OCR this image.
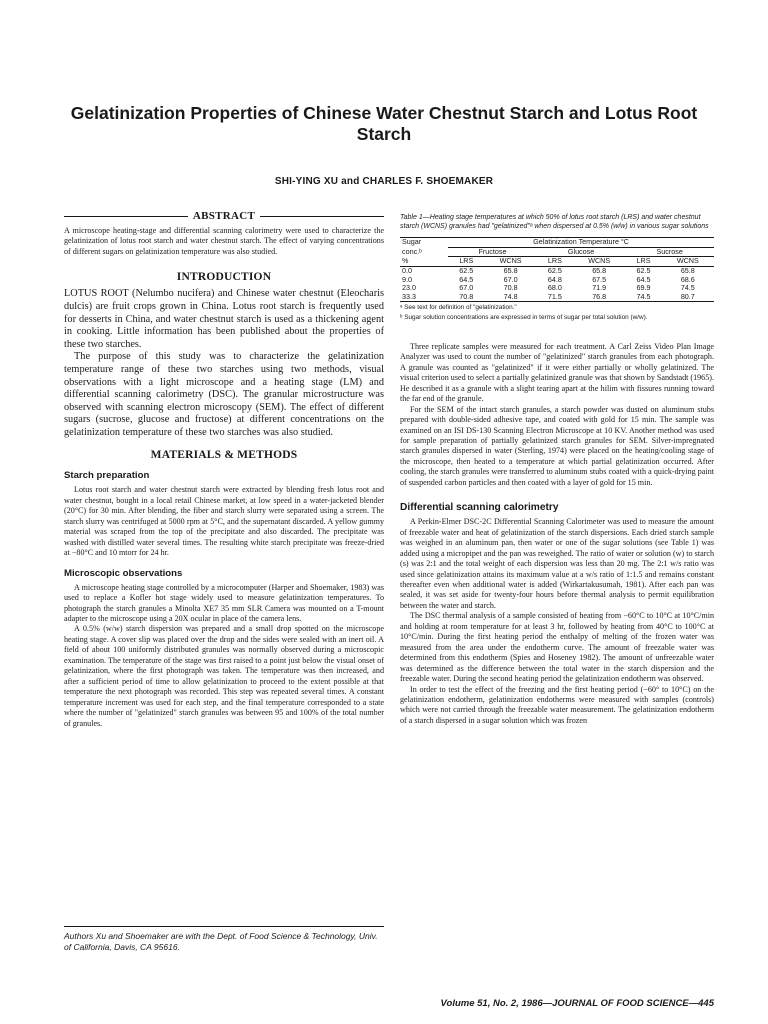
Gelatinization Properties of Chinese Water Chestnut Starch and Lotus Root Starch
SHI-YING XU and CHARLES F. SHOEMAKER
ABSTRACT

A microscope heating-stage and differential scanning calorimetry were used to characterize the gelatinization of lotus root starch and water chestnut starch. The effect of varying concentrations of different sugars on gelatinization temperature was also studied.

INTRODUCTION

LOTUS ROOT (Nelumbo nucifera) and Chinese water chestnut (Eleocharis dulcis) are fruit crops grown in China. Lotus root starch is frequently used for desserts in China, and water chestnut starch is used as a thickening agent in cooking. Little information has been published about the properties of these two starches.

The purpose of this study was to characterize the gelatinization temperature range of these two starches using two methods, visual observations with a light microscope and a heating stage (LM) and differential scanning calorimetry (DSC). The granular microstructure was observed with scanning electron microscopy (SEM). The effect of different sugars (sucrose, glucose and fructose) at different concentrations on the gelatinization temperature of these two starches was also studied.

MATERIALS & METHODS
Starch preparation

Lotus root starch and water chestnut starch were extracted by blending fresh lotus root and water chestnut, bought in a local retail Chinese market, at low speed in a water-jacketed blender (20°C) for 30 min. After blending, the fiber and starch slurry were separated using a screen. The starch slurry was centrifuged at 5000 rpm at 5°C, and the supernatant discarded. A yellow gummy material was scraped from the top of the precipitate and also discarded. The precipitate was washed with distilled water several times. The resulting white starch precipitate was freeze-dried at −80°C and 10 mtorr for 24 hr.

Microscopic observations

A microscope heating stage controlled by a microcomputer (Harper and Shoemaker, 1983) was used to replace a Kofler hot stage widely used to measure gelatinization temperatures. To photograph the starch granules a Minolta XE7 35 mm SLR Camera was mounted on a T-mount adapter to the microscope using a 20X ocular in place of the camera lens.

A 0.5% (w/w) starch dispersion was prepared and a small drop spotted on the microscope heating stage. A cover slip was placed over the drop and the sides were sealed with an inert oil. A field of about 100 uniformly distributed granules was normally observed during a microscopic examination. The temperature of the stage was first raised to a point just below the visual onset of gelatinization, where the first photograph was taken. The temperature was then increased, and after a sufficient period of time to allow gelatinization to proceed to the extent possible at that temperature the next photograph was recorded. This step was repeated several times. A constant temperature increment was used for each step, and the final temperature corresponded to a state where the number of "gelatinized" starch granules was between 95 and 100% of the total number of granules.

Authors Xu and Shoemaker are with the Dept. of Food Science & Technology, Univ. of California, Davis, CA 95616.
Table 1—Heating stage temperatures at which 50% of lotus root starch (LRS) and water chestnut starch (WCNS) granules had "gelatinized"ᵃ when dispersed at 0.5% (w/w) in various sugar solutions
Sugar	Gelatinization Temperature °C					
conc.ᵇ	Fructose		Glucose		Sucrose	
%	LRS	WCNS	LRS	WCNS	LRS	WCNS
0.0	62.5	65.8	62.5	65.8	62.5	65.8
9.0	64.5	67.0	64.8	67.5	64.5	68.6
23.0	67.0	70.8	68.0	71.9	69.9	74.5
33.3	70.8	74.8	71.5	76.8	74.5	80.7
ᵃ See text for definition of "gelatinization."
ᵇ Sugar solution concentrations are expressed in terms of sugar per total solution (w/w).

Three replicate samples were measured for each treatment. A Carl Zeiss Video Plan Image Analyzer was used to count the number of "gelatinized" starch granules from each photograph. A granule was counted as "gelatinized" if it were either partially or wholly gelatinized. The visual criterion used to select a partially gelatinized granule was that shown by Sandstadt (1965). He described it as a granule with a slight tearing apart at the hilim with fissures running toward the far end of the granule.

For the SEM of the intact starch granules, a starch powder was dusted on aluminum stubs prepared with double-sided adhesive tape, and coated with gold for 15 min. The sample was examined on an ISI DS-130 Scanning Electron Microscope at 10 KV. Another method was used for sample preparation of partially gelatinized starch granules for SEM. Silver-impregnated starch granules dispersed in water (Sterling, 1974) were placed on the heating/cooling stage of the microscope, then heated to a temperature at which partial gelatinization occurred. After cooling, the starch granules were transferred to aluminum stubs coated with a quick-drying paint of suspended carbon particles and then coated with a layer of gold for 15 min.

Differential scanning calorimetry

A Perkin-Elmer DSC-2C Differential Scanning Calorimeter was used to measure the amount of freezable water and heat of gelatinization of the starch dispersions. Each dried starch sample was weighed in an aluminum pan, then water or one of the sugar solutions (see Table 1) was added using a micropipet and the pan was reweighed. The ratio of water or solution (w) to starch (s) was 2:1 and the total weight of each dispersion was less than 20 mg. The 2:1 w/s ratio was used since gelatinization attains its maximum value at a w/s ratio of 1:1.5 and remains constant thereafter even when additional water is added (Wirkartakusumah, 1981). After each pan was sealed, it was set aside for twenty-four hours before thermal analysis to permit equilibration between the water and starch.

The DSC thermal analysis of a sample consisted of heating from −60°C to 10°C at 10°C/min and holding at room temperature for at least 3 hr, followed by heating from 40°C to 100°C at 10°C/min. During the first heating period the enthalpy of melting of the frozen water was measured from the area under the endotherm curve. The amount of freezable water was determined from this endotherm (Spies and Hoseney 1982). The amount of unfreezable water was determined as the difference between the total water in the starch dispersion and the freezable water. During the second heating period the gelatinization endotherm was observed.

In order to test the effect of the freezing and the first heating period (−60° to 10°C) on the gelatinization endotherm, gelatinization endotherms were measured with samples (controls) which were not carried through the freezable water measurement. The gelatinization endotherm of a starch dispersed in a sugar solution which was frozen

Volume 51, No. 2, 1986—JOURNAL OF FOOD SCIENCE—445
